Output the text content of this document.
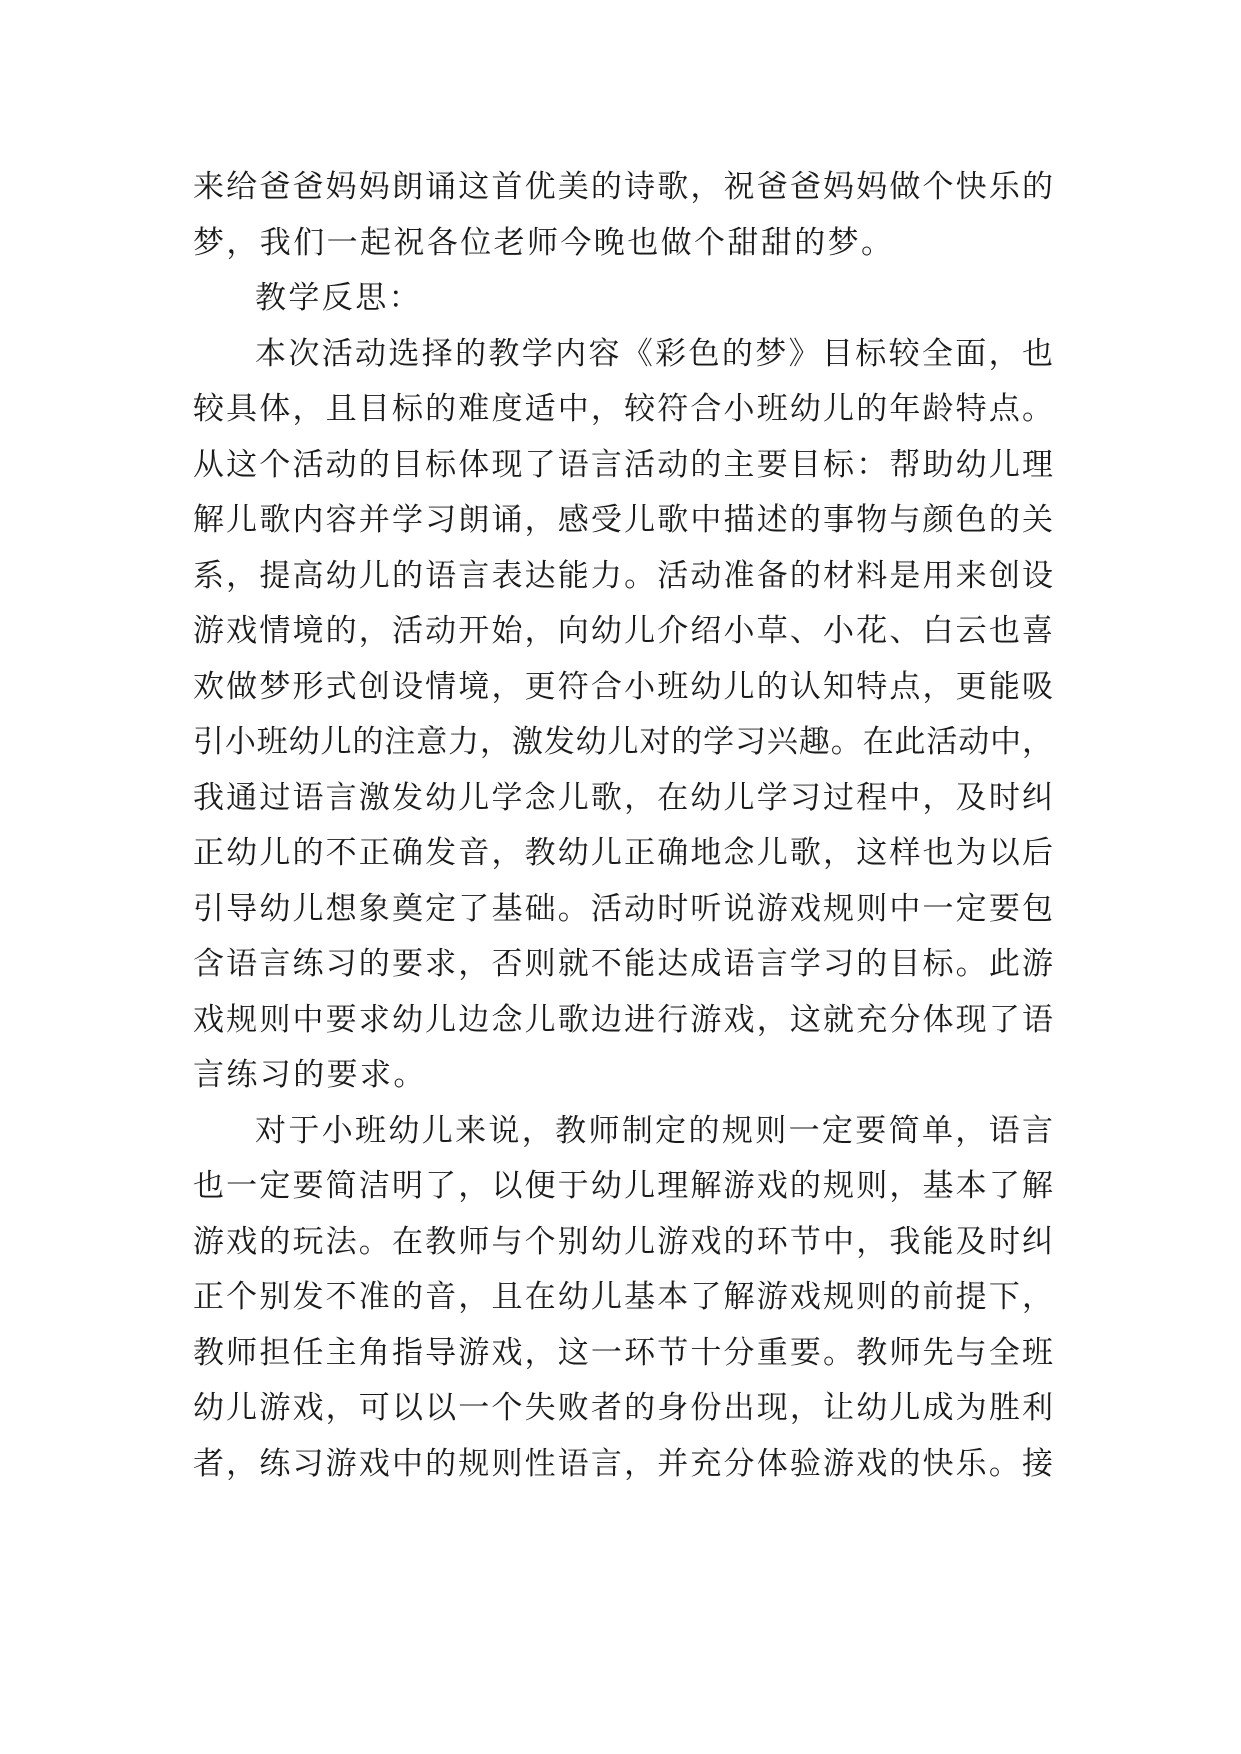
来给爸爸妈妈朗诵这首优美的诗歌，祝爸爸妈妈做个快乐的
梦，我们一起祝各位老师今晚也做个甜甜的梦。
教学反思：
本次活动选择的教学内容《彩色的梦》目标较全面，也
较具体，且目标的难度适中，较符合小班幼儿的年龄特点。
从这个活动的目标体现了语言活动的主要目标：帮助幼儿理
解儿歌内容并学习朗诵，感受儿歌中描述的事物与颜色的关
系，提高幼儿的语言表达能力。活动准备的材料是用来创设
游戏情境的，活动开始，向幼儿介绍小草、小花、白云也喜
欢做梦形式创设情境，更符合小班幼儿的认知特点，更能吸
引小班幼儿的注意力，激发幼儿对的学习兴趣。在此活动中，
我通过语言激发幼儿学念儿歌，在幼儿学习过程中，及时纠
正幼儿的不正确发音，教幼儿正确地念儿歌，这样也为以后
引导幼儿想象奠定了基础。活动时听说游戏规则中一定要包
含语言练习的要求，否则就不能达成语言学习的目标。此游
戏规则中要求幼儿边念儿歌边进行游戏，这就充分体现了语
言练习的要求。
对于小班幼儿来说，教师制定的规则一定要简单，语言
也一定要简洁明了，以便于幼儿理解游戏的规则，基本了解
游戏的玩法。在教师与个别幼儿游戏的环节中，我能及时纠
正个别发不准的音，且在幼儿基本了解游戏规则的前提下，
教师担任主角指导游戏，这一环节十分重要。教师先与全班
幼儿游戏，可以以一个失败者的身份出现，让幼儿成为胜利
者，练习游戏中的规则性语言，并充分体验游戏的快乐。接
